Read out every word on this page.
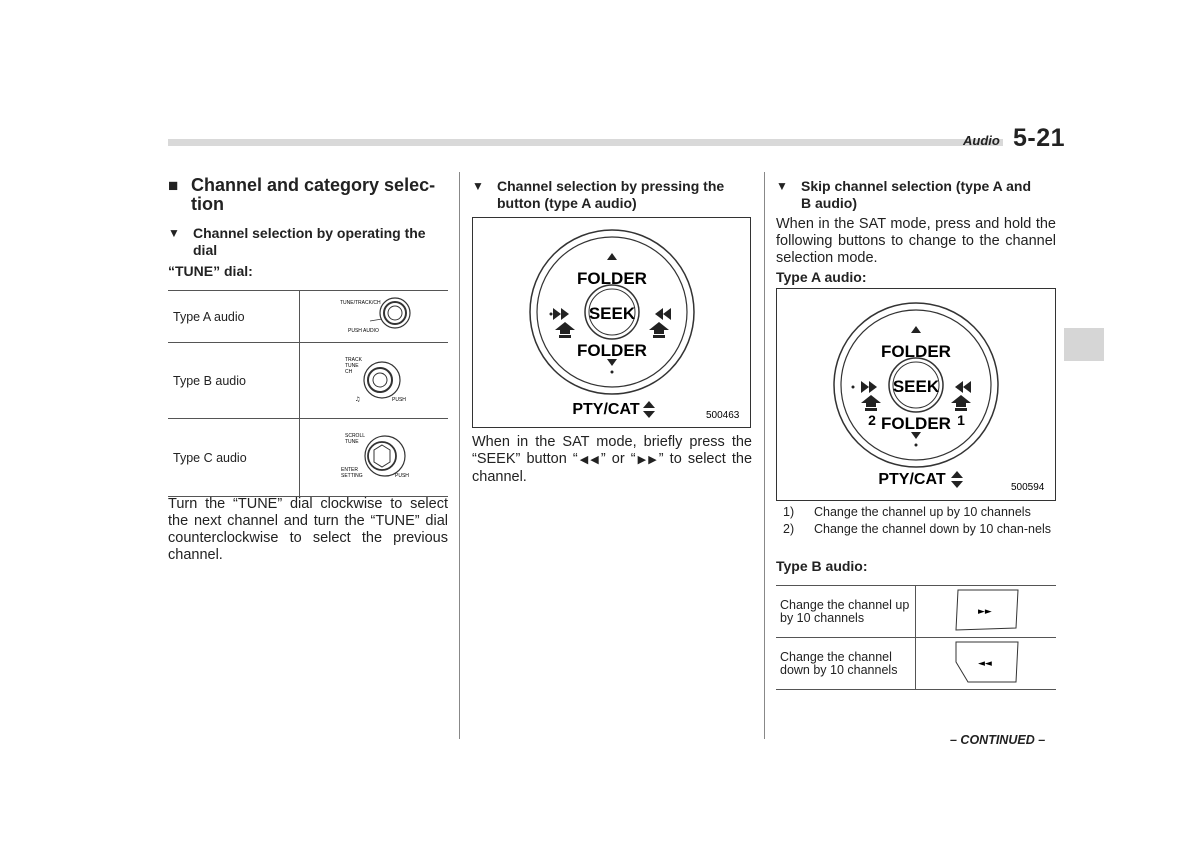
Audio 5-21
■ Channel and category selec-
tion
▼ Channel selection by operating the
dial
“TUNE” dial:
Type A audio	TUNE/TRACK/CH
PUSH AUDIO

Type B audio	TRACK
TUNE
CH
PUSH
♫

Type C audio	SCROLL
TUNE
ENTER
SETTING PUSH
Turn the “TUNE” dial clockwise to select the next channel and turn the “TUNE” dial counterclockwise to select the previous channel.
▼ Channel selection by pressing the
button (type A audio)
FOLDER
SEEK
FOLDER
PTY/CAT	500463
When in the SAT mode, briefly press the “SEEK” button “◀◀” or “▶▶” to select the channel.
▼ Skip channel selection (type A and
B audio)
When in the SAT mode, press and hold the following buttons to change to the channel selection mode.
Type A audio:
FOLDER
SEEK
FOLDER
2	1
PTY/CAT	500594
1)	Change the channel up by 10 channels
2)	Change the channel down by 10 chan-nels
Type B audio:
Change the channel up by 10 channels	►►

Change the channel down by 10 channels	◄◄
– CONTINUED –
